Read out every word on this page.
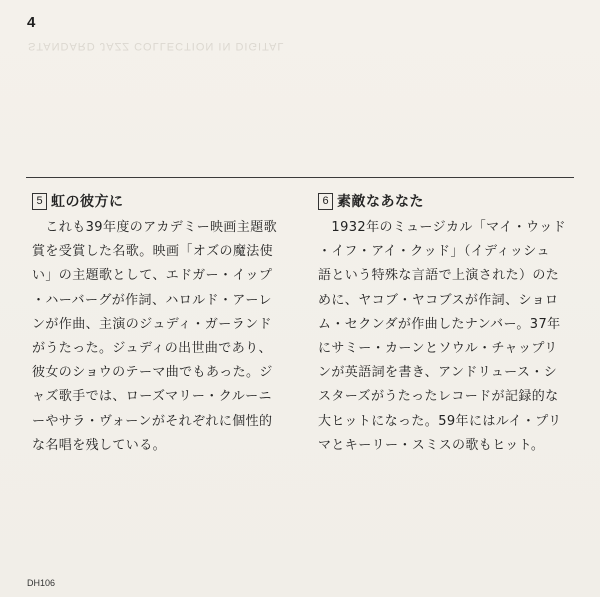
4
STANDARD JAZZ COLLECTION IN DIGITAL
5 虹の彼方に
　これも39年度のアカデミー映画主題歌
賞を受賞した名歌。映画「オズの魔法使
い」の主題歌として、エドガー・イップ
・ハーバーグが作詞、ハロルド・アーレ
ンが作曲、主演のジュディ・ガーランド
がうたった。ジュディの出世曲であり、
彼女のショウのテーマ曲でもあった。ジ
ャズ歌手では、ローズマリー・クルーニ
ーやサラ・ヴォーンがそれぞれに個性的
な名唱を残している。
6 素敵なあなた
　1932年のミュージカル「マイ・ウッド
・イフ・アイ・クッド」（イディッシュ
語という特殊な言語で上演された）のた
めに、ヤコブ・ヤコブスが作詞、ショロ
ム・セクンダが作曲したナンバー。37年
にサミー・カーンとソウル・チャップリ
ンが英語詞を書き、アンドリュース・シ
スターズがうたったレコードが記録的な
大ヒットになった。59年にはルイ・プリ
マとキーリー・スミスの歌もヒット。
DH106
